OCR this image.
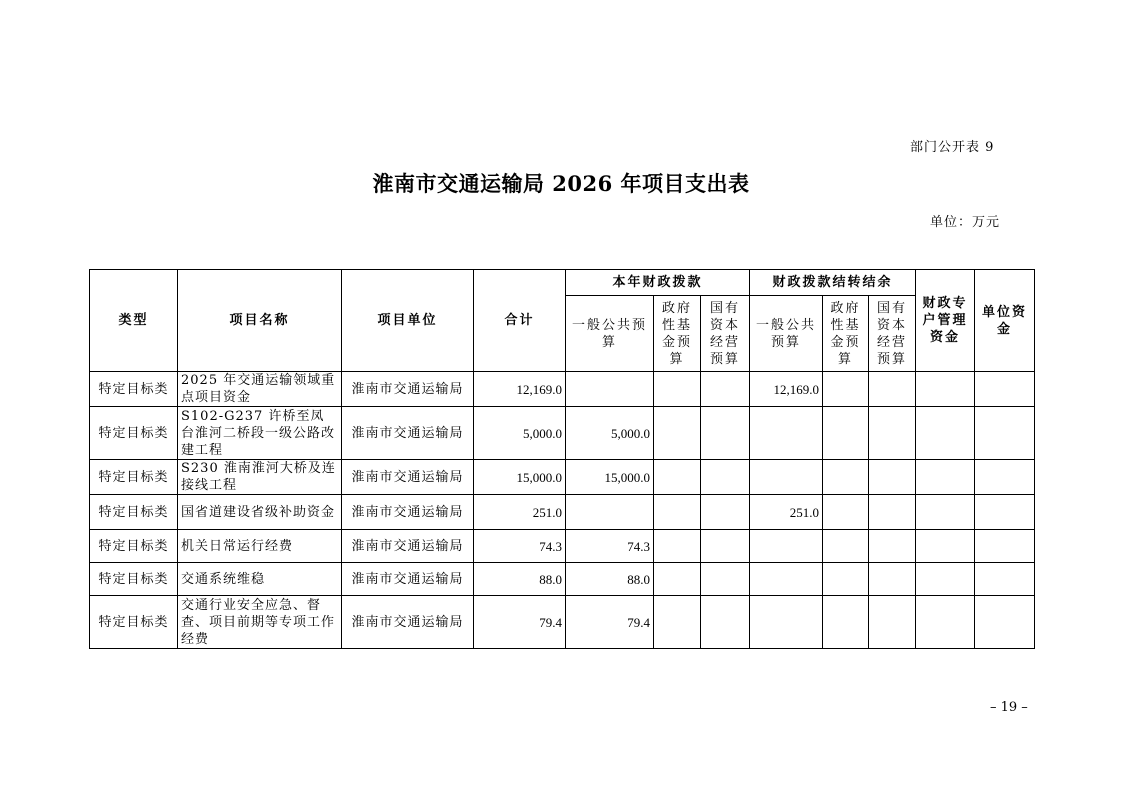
部门公开表 9
淮南市交通运输局 2026 年项目支出表
单位：万元
类型	项目名称	项目单位	合计	本年财政拨款			财政拨款结转结余			财政专户管理资金	单位资金
				一般公共预算	政府性基金预算	国有资本经营预算	一般公共预算	政府性基金预算	国有资本经营预算		
特定目标类	2025 年交通运输领域重点项目资金	淮南市交通运输局	12,169.0				12,169.0				
特定目标类	S102-G237 许桥至凤台淮河二桥段一级公路改建工程	淮南市交通运输局	5,000.0	5,000.0							
特定目标类	S230 淮南淮河大桥及连接线工程	淮南市交通运输局	15,000.0	15,000.0							
特定目标类	国省道建设省级补助资金	淮南市交通运输局	251.0				251.0				
特定目标类	机关日常运行经费	淮南市交通运输局	74.3	74.3							
特定目标类	交通系统维稳	淮南市交通运输局	88.0	88.0							
特定目标类	交通行业安全应急、督查、项目前期等专项工作经费	淮南市交通运输局	79.4	79.4							
– 19 –
